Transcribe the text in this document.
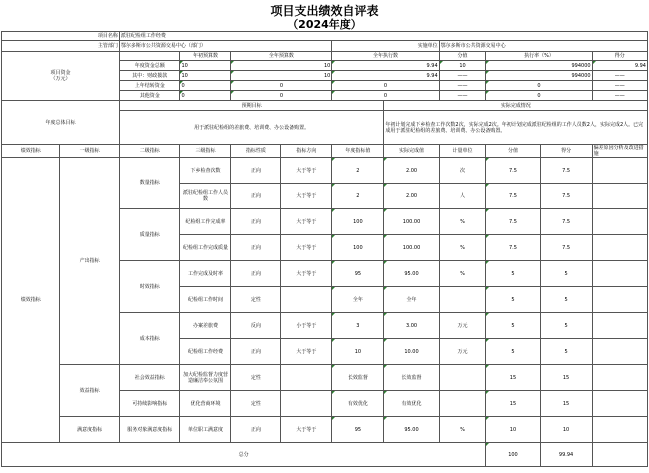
项目支出绩效自评表
（2024年度）
项目名称		派驻纪检组工作经费									
主管部门		鄂尔多斯市公共资源交易中心（部门）				实施单位		鄂尔多斯市公共资源交易中心			
项目资金
（万元）			年初预算数	全年预算数		全年执行数		分值	执行率（%）		得分
		年度资金总额	10	10		9.94		10	994000		9.94
		其中：财政拨款	10	10		9.94		——	994000		——
		上年结转资金	0	0		0		——	0		——
		其他资金	0	0		0		——	0		——
年度总体目标		预期目标					实际完成情况				
		用于派驻纪检组的差旅费、培训费、办公设备购置。					年初计划完成下乡检查工作次数2次，实际完成2次。年初计划完成派驻纪检组的工作人员数2人，实际完成2人。已完成用于派驻纪检组的差旅费、培训费、办公设备购置。				
绩效指标	一级指标	二级指标	三级指标	指标性质	指标方向	年度指标值	实际完成值	计量单位	分值	得分	偏差原因分析及改进措施
绩效指标	产出指标	数量指标	下乡检查次数	正向	大于等于	2	2.00	次	7.5	7.5	
			派驻纪检组工作人员数	正向	大于等于	2	2.00	人	7.5	7.5	
		质量指标	纪检组工作完成率	正向	大于等于	100	100.00	%	7.5	7.5	
			纪检组工作完成质量	正向	大于等于	100	100.00	%	7.5	7.5	
		时效指标	工作完成及时率	正向	大于等于	95	95.00	%	5	5	
			纪检组工作时间	定性		全年	全年		5	5	
		成本指标	办案差旅费	反向	小于等于	3	3.00	万元	5	5	
			纪检组工作经费	正向	大于等于	10	10.00	万元	5	5	
	效益指标	社会效益指标	加大纪检监督力度营造廉洁奉公氛围	定性		长效监督	长效监督		15	15	
		可持续影响指标	优化营商环境	定性		有效优化	有效优化		15	15	
	满意度指标	服务对象满意度指标	单位职工满意度	正向	大于等于	95	95.00	%	10	10	
总分									100	99.94	
